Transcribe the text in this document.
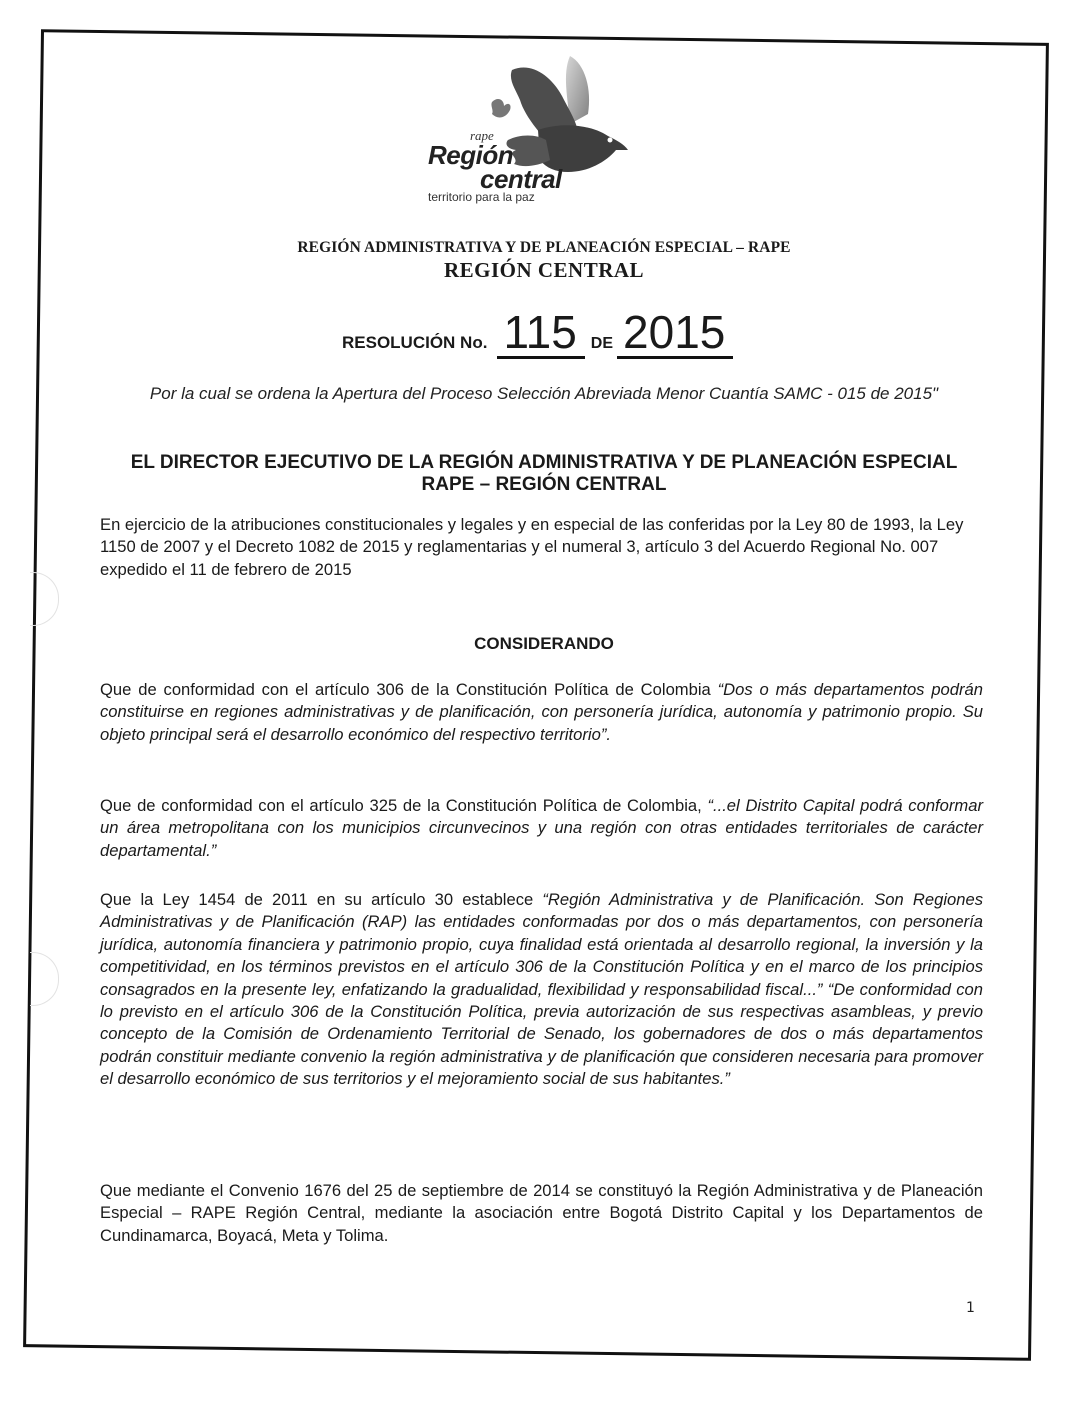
rape
Región
central
territorio para la paz
REGIÓN ADMINISTRATIVA Y DE PLANEACIÓN ESPECIAL – RAPE
REGIÓN CENTRAL
RESOLUCIÓN No. 115 DE 2015
Por la cual se ordena la Apertura del Proceso Selección Abreviada Menor Cuantía SAMC - 015 de 2015"
EL DIRECTOR EJECUTIVO DE LA REGIÓN ADMINISTRATIVA Y DE PLANEACIÓN ESPECIAL
RAPE – REGIÓN CENTRAL
En ejercicio de la atribuciones constitucionales y legales y en especial de las conferidas por la Ley 80 de 1993, la Ley 1150 de 2007 y el Decreto 1082 de 2015 y reglamentarias y el numeral 3, artículo 3 del Acuerdo Regional No. 007 expedido el 11 de febrero de 2015
CONSIDERANDO
Que de conformidad con el artículo 306 de la Constitución Política de Colombia “Dos o más departamentos podrán constituirse en regiones administrativas y de planificación, con personería jurídica, autonomía y patrimonio propio. Su objeto principal será el desarrollo económico del respectivo territorio”.
Que de conformidad con el artículo 325 de la Constitución Política de Colombia, “...el Distrito Capital podrá conformar un área metropolitana con los municipios circunvecinos y una región con otras entidades territoriales de carácter departamental.”
Que la Ley 1454 de 2011 en su artículo 30 establece “Región Administrativa y de Planificación. Son Regiones Administrativas y de Planificación (RAP) las entidades conformadas por dos o más departamentos, con personería jurídica, autonomía financiera y patrimonio propio, cuya finalidad está orientada al desarrollo regional, la inversión y la competitividad, en los términos previstos en el artículo 306 de la Constitución Política y en el marco de los principios consagrados en la presente ley, enfatizando la gradualidad, flexibilidad y responsabilidad fiscal...” “De conformidad con lo previsto en el artículo 306 de la Constitución Política, previa autorización de sus respectivas asambleas, y previo concepto de la Comisión de Ordenamiento Territorial de Senado, los gobernadores de dos o más departamentos podrán constituir mediante convenio la región administrativa y de planificación que consideren necesaria para promover el desarrollo económico de sus territorios y el mejoramiento social de sus habitantes.”
Que mediante el Convenio 1676 del 25 de septiembre de 2014 se constituyó la Región Administrativa y de Planeación Especial – RAPE Región Central, mediante la asociación entre Bogotá Distrito Capital y los Departamentos de Cundinamarca, Boyacá, Meta y Tolima.
1
